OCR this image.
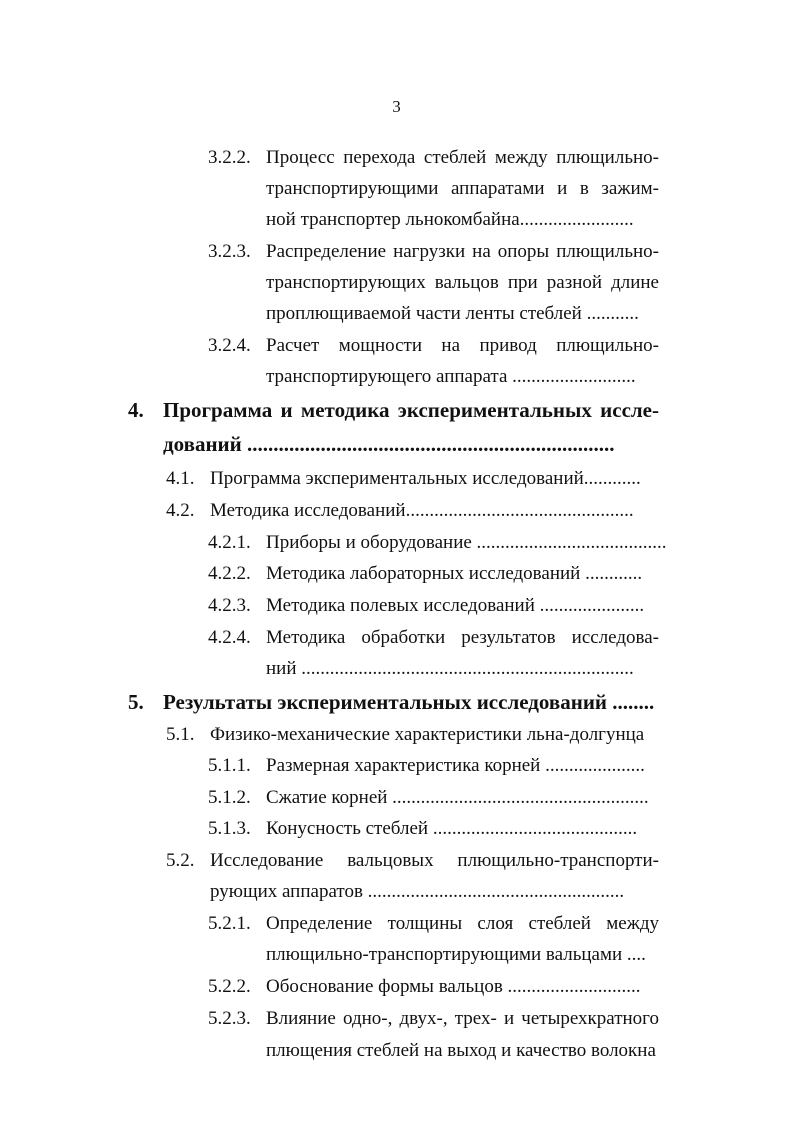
3
3.2.2. Процесс перехода стеблей между плющильно-
транспортирующими аппаратами и в зажим-
ной транспортер льнокомбайна........................
3.2.3. Распределение нагрузки на опоры плющильно-
транспортирующих вальцов при разной длине
проплющиваемой части ленты стеблей ...........
3.2.4. Расчет мощности на привод плющильно-
транспортирующего аппарата ..........................
4. Программа и методика экспериментальных иссле-
дований ......................................................................
4.1. Программа экспериментальных исследований............
4.2. Методика исследований................................................
4.2.1. Приборы и оборудование ........................................
4.2.2. Методика лабораторных исследований ............
4.2.3. Методика полевых исследований ......................
4.2.4. Методика обработки результатов исследова-
ний ......................................................................
5. Результаты экспериментальных исследований ........
5.1. Физико-механические характеристики льна-долгунца
5.1.1. Размерная характеристика корней .....................
5.1.2. Сжатие корней ......................................................
5.1.3. Конусность стеблей ...........................................
5.2. Исследование вальцовых плющильно-транспорти-
рующих аппаратов ......................................................
5.2.1. Определение толщины слоя стеблей между
плющильно-транспортирующими вальцами ....
5.2.2. Обоснование формы вальцов ............................
5.2.3. Влияние одно-, двух-, трех- и четырехкратного
плющения стеблей на выход и качество волокна
